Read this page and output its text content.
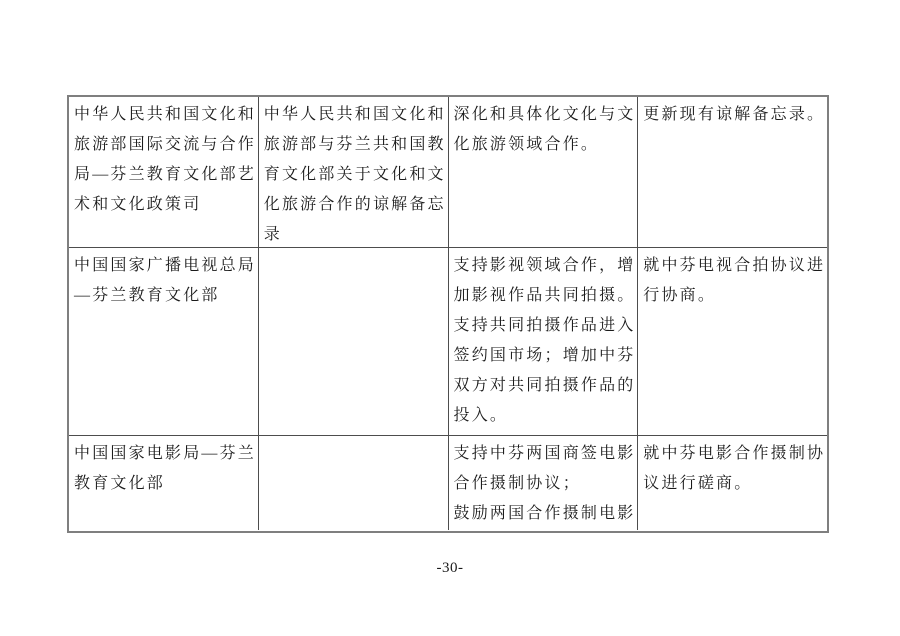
中华人民共和国文化和
旅游部国际交流与合作
局—芬兰教育文化部艺
术和文化政策司
中华人民共和国文化和
旅游部与芬兰共和国教
育文化部关于文化和文
化旅游合作的谅解备忘
录
深化和具体化文化与文
化旅游领域合作。
更新现有谅解备忘录。
中国国家广播电视总局
—芬兰教育文化部
支持影视领域合作，增
加影视作品共同拍摄。
支持共同拍摄作品进入
签约国市场；增加中芬
双方对共同拍摄作品的
投入。
就中芬电视合拍协议进
行协商。
中国国家电影局—芬兰
教育文化部
支持中芬两国商签电影
合作摄制协议；
鼓励两国合作摄制电影
就中芬电影合作摄制协
议进行磋商。
-30-
